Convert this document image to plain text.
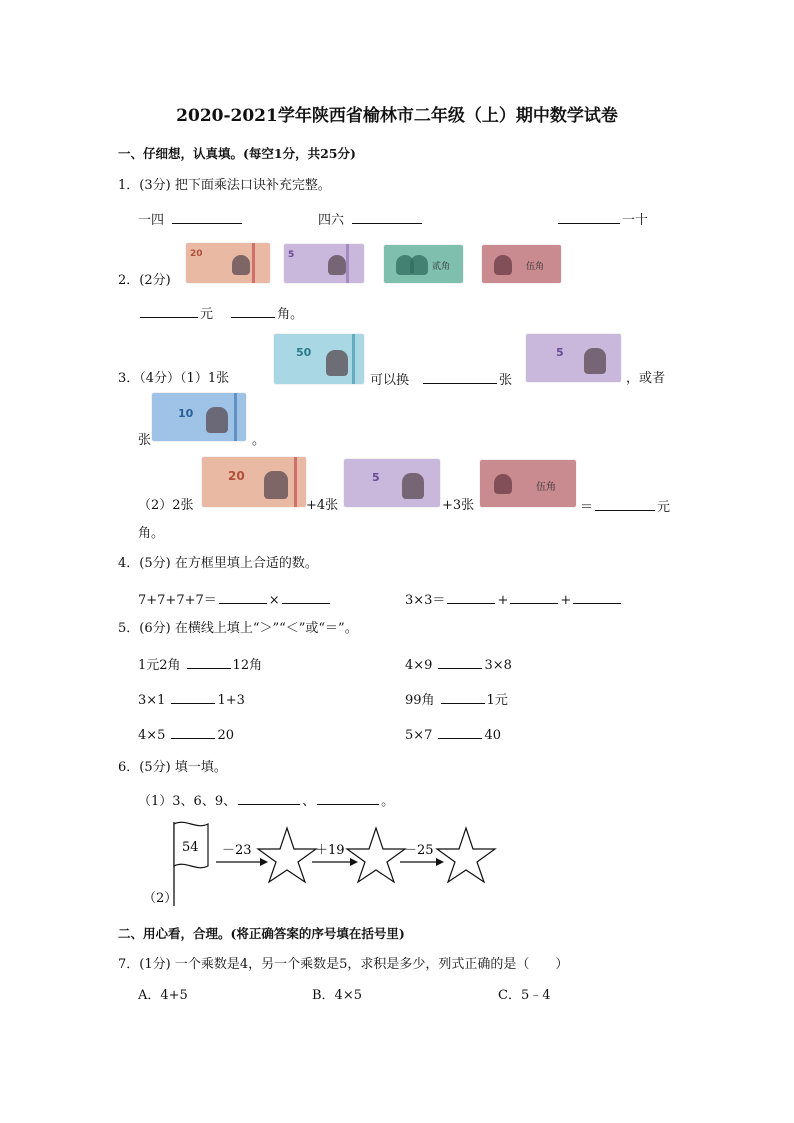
2020-2021学年陕西省榆林市二年级（上）期中数学试卷
一、仔细想，认真填。(每空1分，共25分)
1．(3分) 把下面乘法口诀补充完整。
一四	四六	一十
20	5
贰角	伍角
2．(2分)
元	角。
50	5
3．（4分）（1）1张	可以换	张	，或者
10
张	。
20	5
伍角
（2）2张	+4张	+3张	＝	元
角。
4．(5分) 在方框里填上合适的数。
7+7+7+7＝	×	3×3＝	+	+
5．(6分) 在横线上填上“＞”“＜”或“＝”。
1元2角	12角	4×9	3×8
3×1	1+3	99角	1元
4×5	20	5×7	40
6．(5分) 填一填。
（1）3、6、9、	、	。
54 －23	＋19	－25
（2）
二、用心看，合理。(将正确答案的序号填在括号里)
7．(1分) 一个乘数是4，另一个乘数是5，求积是多少，列式正确的是（　　）
A．4+5	B．4×5	C．5﹣4
